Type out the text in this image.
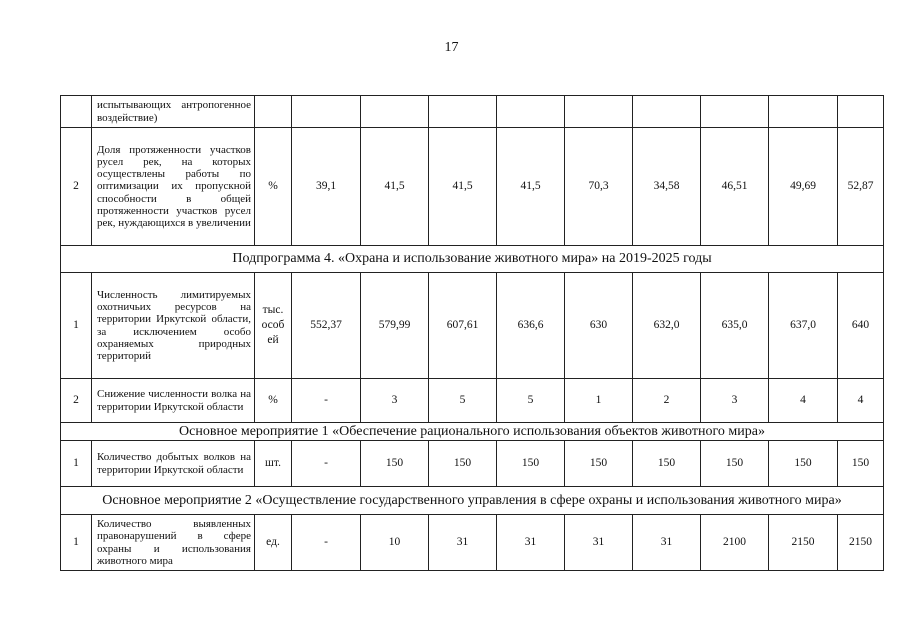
17
	испытывающих антропогенное воздействие)										
2	Доля протяженности участков русел рек, на которых осуществлены работы по оптимизации их пропускной способности в общей протяженности участков русел рек, нуждающихся в увеличении	%	39,1	41,5	41,5	41,5	70,3	34,58	46,51	49,69	52,87
Подпрограмма 4. «Охрана и использование животного мира» на 2019-2025 годы											
1	Численность лимитируемых охотничьих ресурсов на территории Иркутской области, за исключением особо охраняемых природных территорий	тыс. особ ей	552,37	579,99	607,61	636,6	630	632,0	635,0	637,0	640
2	Снижение численности волка на территории Иркутской области	%	-	3	5	5	1	2	3	4	4
Основное мероприятие 1 «Обеспечение рационального использования объектов животного мира»											
1	Количество добытых волков на территории Иркутской области	шт.	-	150	150	150	150	150	150	150	150
Основное мероприятие 2 «Осуществление государственного управления в сфере охраны и использования животного мира»											
1	Количество выявленных правонарушений в сфере охраны и использования животного мира	ед.	-	10	31	31	31	31	2100	2150	2150
